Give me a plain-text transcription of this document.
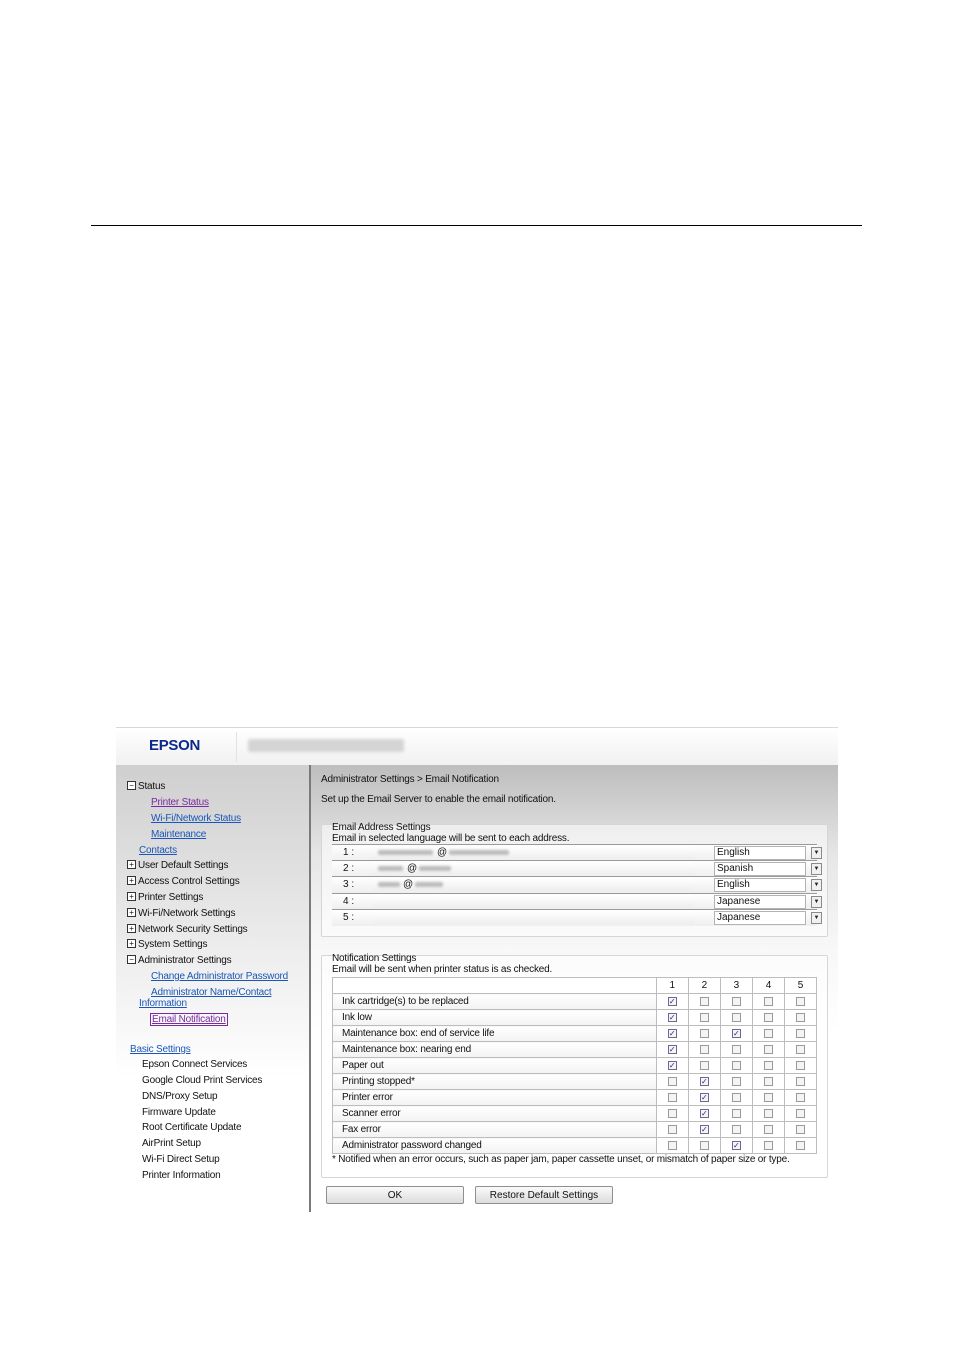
EPSON
− Status
Printer Status
Wi-Fi/Network Status
Maintenance
Contacts
+ User Default Settings
+ Access Control Settings
+ Printer Settings
+ Wi-Fi/Network Settings
+ Network Security Settings
+ System Settings
− Administrator Settings
Change Administrator Password
Administrator Name/Contact
Information
Email Notification
Basic Settings
Epson Connect Services
Google Cloud Print Services
DNS/Proxy Setup
Firmware Update
Root Certificate Update
AirPrint Setup
Wi-Fi Direct Setup
Printer Information
Administrator Settings > Email Notification
Set up the Email Server to enable the email notification.
Email Address Settings
Email in selected language will be sent to each address.
1 :	@	English	▼
2 :	@	Spanish	▼
3 :	@	English	▼
4 :	Japanese	▼
5 :	Japanese	▼
Notification Settings
Email will be sent when printer status is as checked.
	1	2	3	4	5
Ink cartridge(s) to be replaced	✓				
Ink low	✓				
Maintenance box: end of service life	✓		✓		
Maintenance box: nearing end	✓				
Paper out	✓				
Printing stopped*		✓			
Printer error		✓			
Scanner error		✓			
Fax error		✓			
Administrator password changed			✓		
* Notified when an error occurs, such as paper jam, paper cassette unset, or mismatch of paper size or type.
OK	Restore Default Settings
